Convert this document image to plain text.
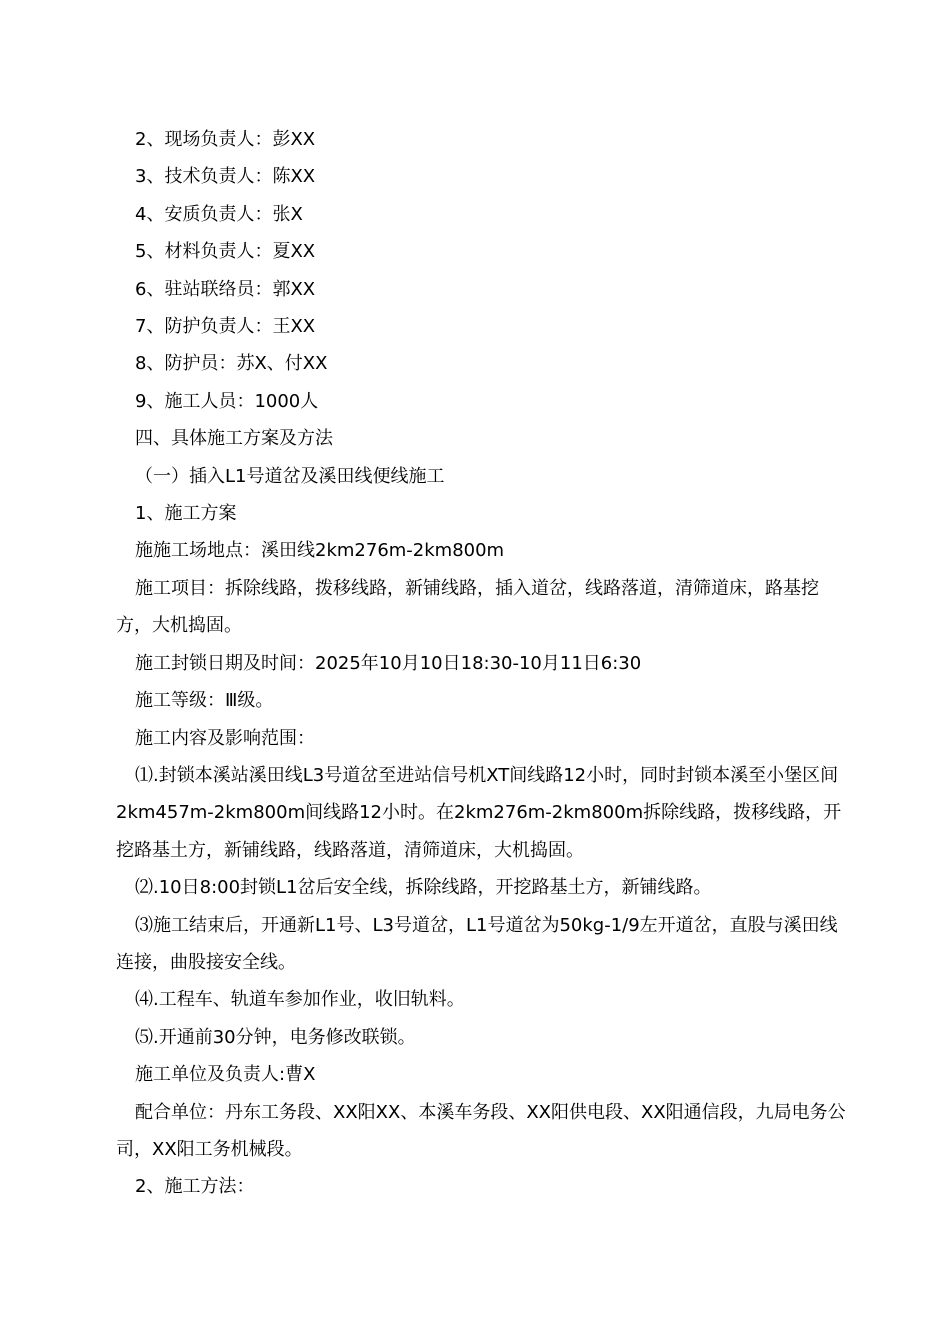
2、现场负责人：彭XX

3、技术负责人：陈XX

4、安质负责人：张X

5、材料负责人：夏XX

6、驻站联络员：郭XX

7、防护负责人：王XX

8、防护员：苏X、付XX

9、施工人员：1000人

四、具体施工方案及方法

（一）插入L1号道岔及溪田线便线施工

1、施工方案

施施工场地点：溪田线2km276m-2km800m

施工项目：拆除线路，拨移线路，新铺线路，插入道岔，线路落道，清筛道床，路基挖方，大机捣固。

施工封锁日期及时间：2025年10月10日18:30-10月11日6:30

施工等级：Ⅲ级。

施工内容及影响范围：

⑴.封锁本溪站溪田线L3号道岔至进站信号机XT间线路12小时，同时封锁本溪至小堡区间2km457m-2km800m间线路12小时。在2km276m-2km800m拆除线路，拨移线路，开挖路基土方，新铺线路，线路落道，清筛道床，大机捣固。

⑵.10日8:00封锁L1岔后安全线，拆除线路，开挖路基土方，新铺线路。

⑶施工结束后，开通新L1号、L3号道岔，L1号道岔为50kg-1/9左开道岔，直股与溪田线连接，曲股接安全线。

⑷.工程车、轨道车参加作业，收旧轨料。

⑸.开通前30分钟，电务修改联锁。

施工单位及负责人:曹X

配合单位：丹东工务段、XX阳XX、本溪车务段、XX阳供电段、XX阳通信段，九局电务公司，XX阳工务机械段。

2、施工方法：
